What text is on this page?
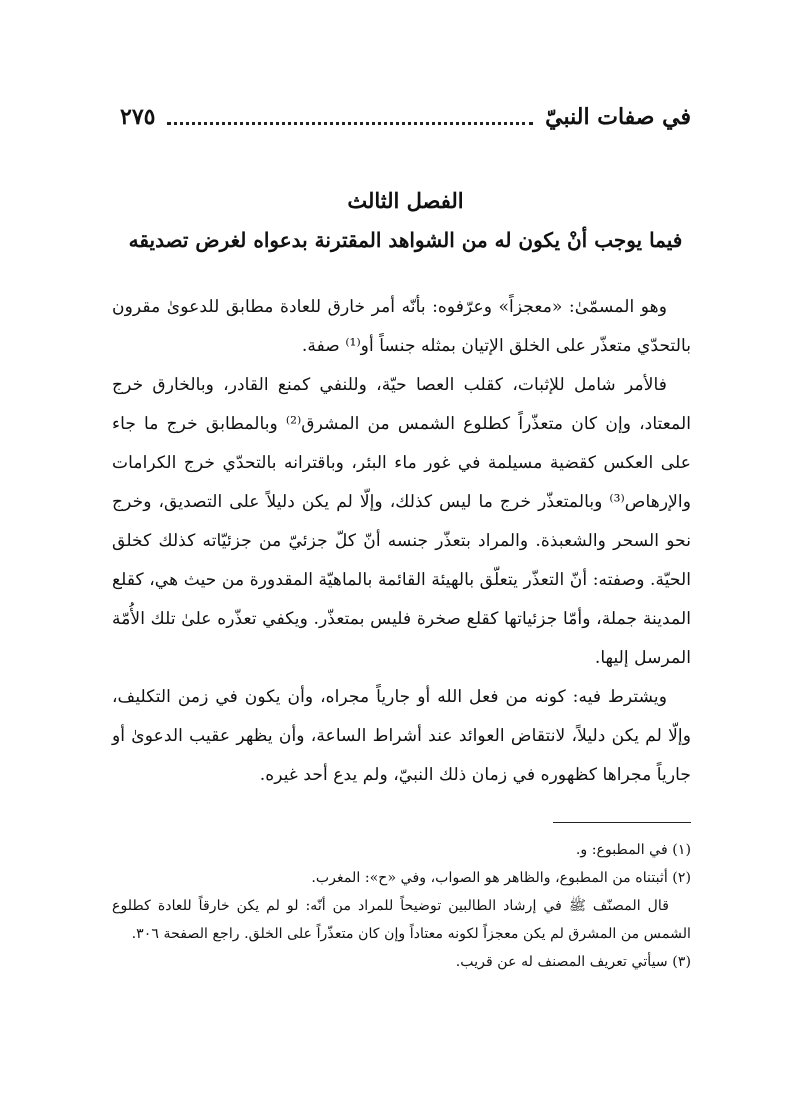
في صفات النبيّ
٢٧٥
الفصل الثالث
فيما يوجب أنْ يكون له من الشواهد المقترنة بدعواه لغرض تصديقه

وهو المسمّىٰ: «معجزاً» وعرّفوه: بأنّه أمر خارق للعادة مطابق للدعوىٰ مقرون بالتحدّي متعذّر على الخلق الإتيان بمثله جنساً أو⁽¹⁾ صفة.

فالأمر شامل للإثبات، كقلب العصا حيّة، وللنفي كمنع القادر، وبالخارق خرج المعتاد، وإن كان متعذّراً كطلوع الشمس من المشرق⁽²⁾ وبالمطابق خرج ما جاء على العكس كقضية مسيلمة في غور ماء البئر، وباقترانه بالتحدّي خرج الكرامات والإرهاص⁽³⁾ وبالمتعذّر خرج ما ليس كذلك، وإلّا لم يكن دليلاً على التصديق، وخرج نحو السحر والشعبذة. والمراد بتعذّر جنسه أنّ كلّ جزئيّ من جزئيّاته كذلك كخلق الحيّة. وصفته: أنّ التعذّر يتعلّق بالهيئة القائمة بالماهيّة المقدورة من حيث هي، كقلع المدينة جملة، وأمّا جزئياتها كقلع صخرة فليس بمتعذّر. ويكفي تعذّره علىٰ تلك الأُمّة المرسل إليها.

ويشترط فيه: كونه من فعل الله أو جارياً مجراه، وأن يكون في زمن التكليف، وإلّا لم يكن دليلاً، لانتقاض العوائد عند أشراط الساعة، وأن يظهر عقيب الدعوىٰ أو جارياً مجراها كظهوره في زمان ذلك النبيّ، ولم يدع أحد غيره.

(١) في المطبوع: و.
(٢) أثبتناه من المطبوع، والظاهر هو الصواب، وفي «ح»: المغرب.
قال المصنّف ﷺ في إرشاد الطالبين توضيحاً للمراد من أنّه: لو لم يكن خارقاً للعادة كطلوع الشمس من المشرق لم يكن معجزاً لكونه معتاداً وإن كان متعذّراً على الخلق. راجع الصفحة ٣٠٦.
(٣) سيأتي تعريف المصنف له عن قريب.
